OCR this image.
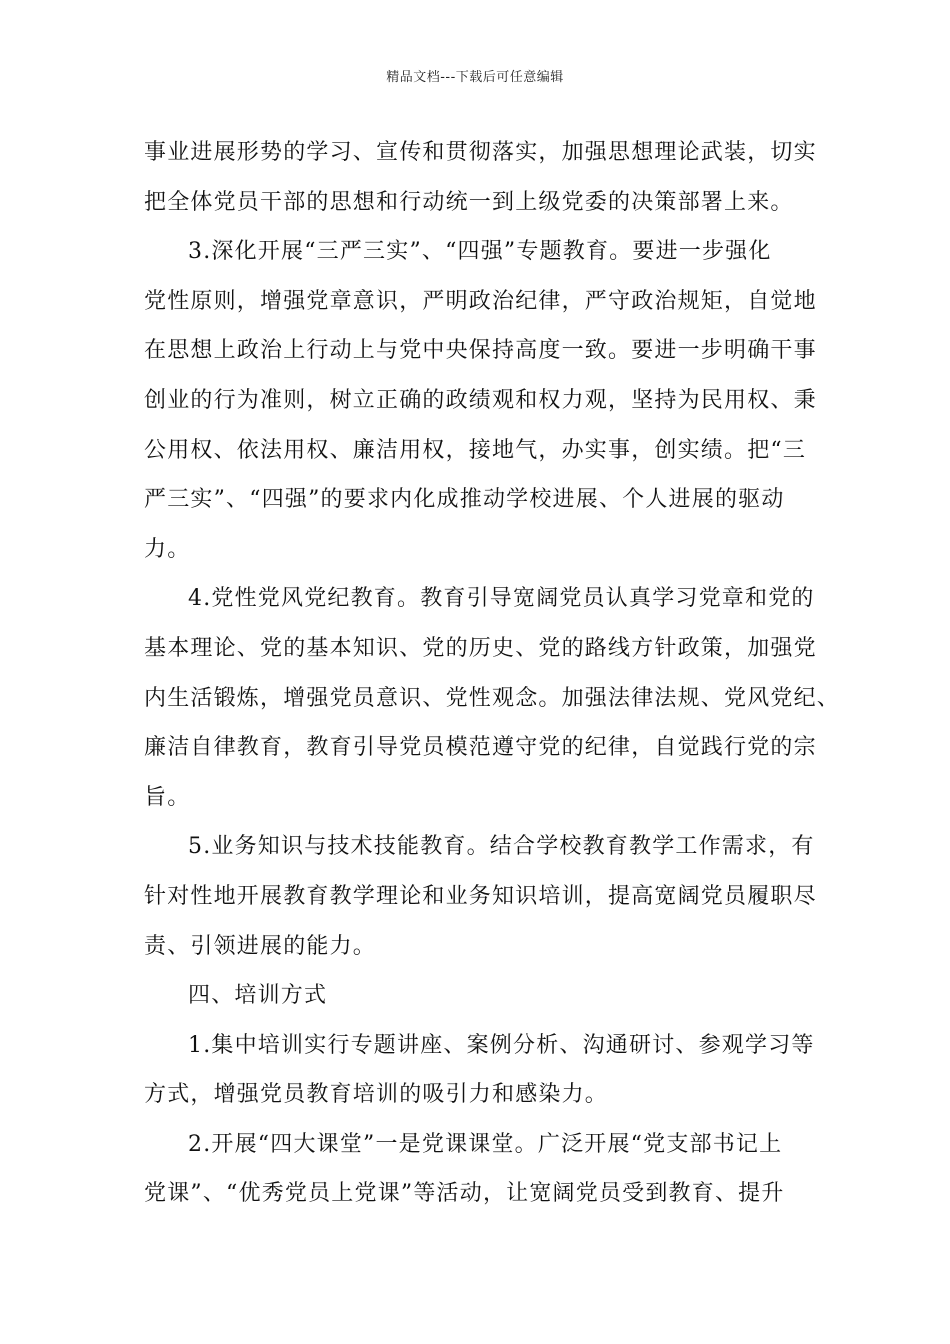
精品文档---下载后可任意编辑
事业进展形势的学习、宣传和贯彻落实，加强思想理论武装，切实
把全体党员干部的思想和行动统一到上级党委的决策部署上来。
3.深化开展“三严三实”、“四强”专题教育。要进一步强化
党性原则，增强党章意识，严明政治纪律，严守政治规矩，自觉地
在思想上政治上行动上与党中央保持高度一致。要进一步明确干事
创业的行为准则，树立正确的政绩观和权力观，坚持为民用权、秉
公用权、依法用权、廉洁用权，接地气，办实事，创实绩。把“三
严三实”、“四强”的要求内化成推动学校进展、个人进展的驱动
力。
4.党性党风党纪教育。教育引导宽阔党员认真学习党章和党的
基本理论、党的基本知识、党的历史、党的路线方针政策，加强党
内生活锻炼，增强党员意识、党性观念。加强法律法规、党风党纪、
廉洁自律教育，教育引导党员模范遵守党的纪律，自觉践行党的宗
旨。
5.业务知识与技术技能教育。结合学校教育教学工作需求，有
针对性地开展教育教学理论和业务知识培训，提高宽阔党员履职尽
责、引领进展的能力。
四、培训方式
1.集中培训实行专题讲座、案例分析、沟通研讨、参观学习等
方式，增强党员教育培训的吸引力和感染力。
2.开展“四大课堂”一是党课课堂。广泛开展“党支部书记上
党课”、“优秀党员上党课”等活动，让宽阔党员受到教育、提升
